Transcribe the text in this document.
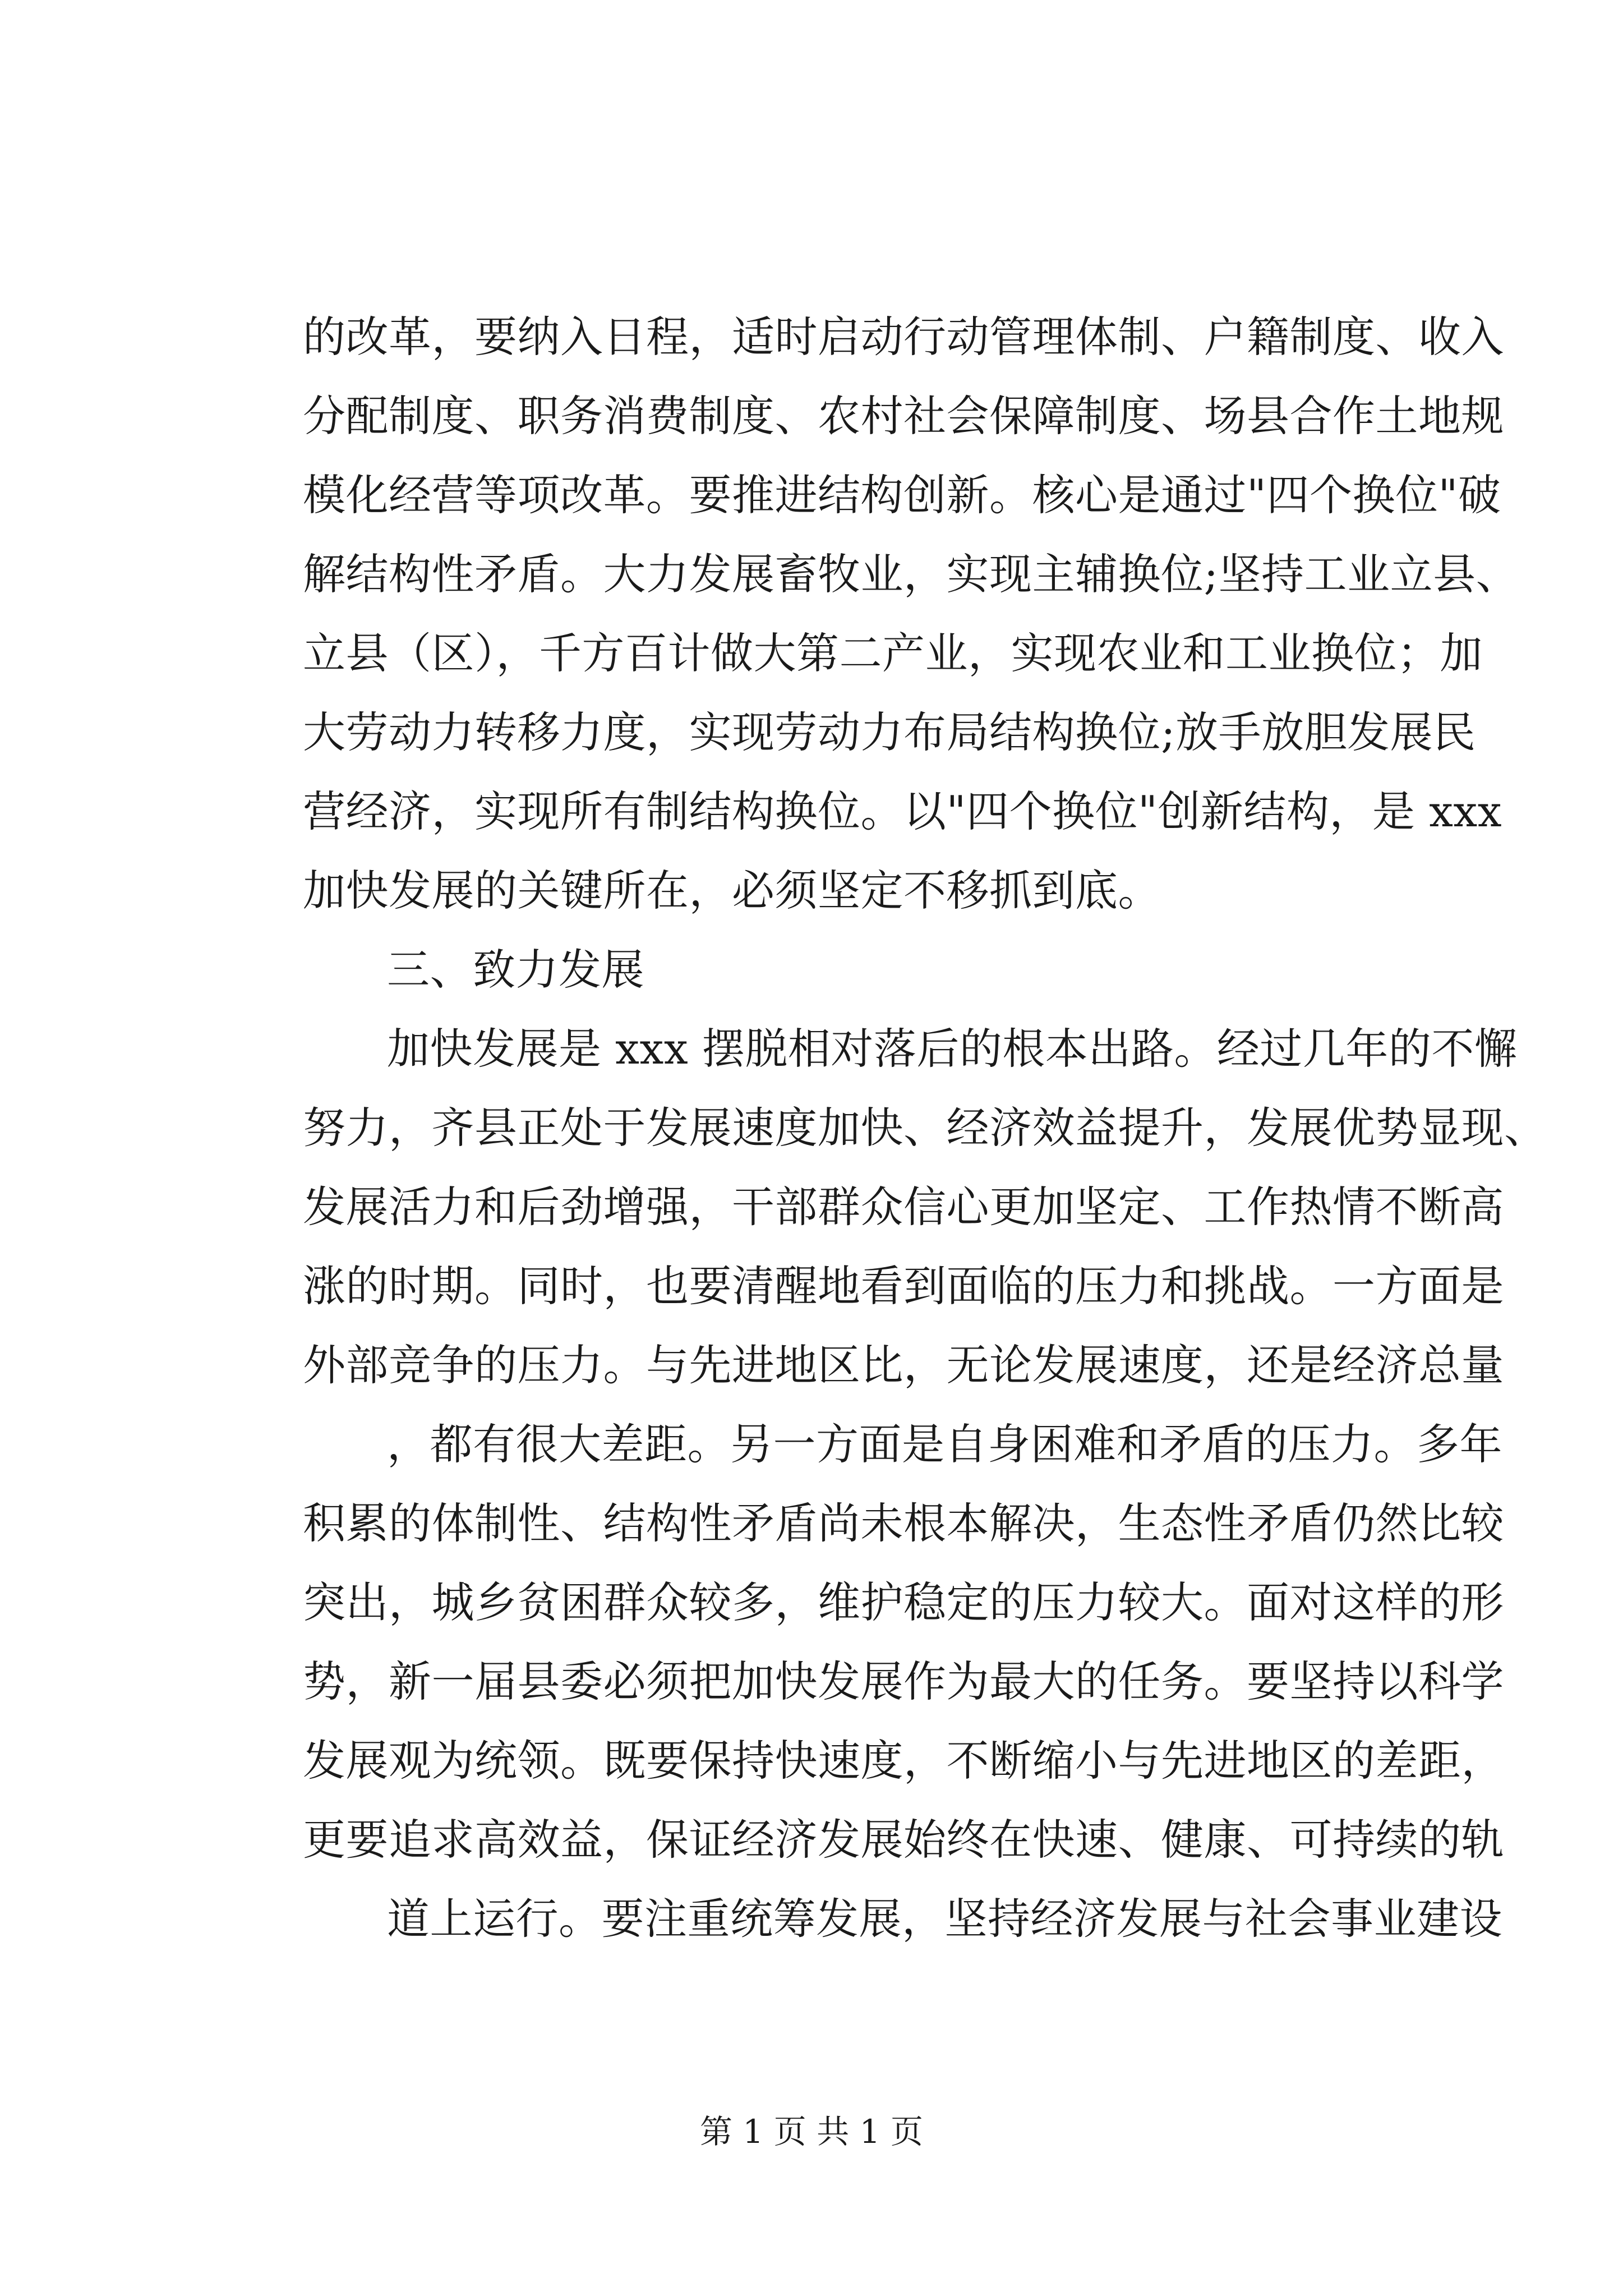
的改革，要纳入日程，适时启动行动管理体制、户籍制度、收入
分配制度、职务消费制度、农村社会保障制度、场县合作土地规
模化经营等项改革。要推进结构创新。核心是通过"四个换位"破
解结构性矛盾。大力发展畜牧业，实现主辅换位;坚持工业立县、
立县（区），千方百计做大第二产业，实现农业和工业换位；加
大劳动力转移力度，实现劳动力布局结构换位;放手放胆发展民
营经济，实现所有制结构换位。以"四个换位"创新结构，是 xxx
加快发展的关键所在，必须坚定不移抓到底。
三、致力发展
加快发展是 xxx 摆脱相对落后的根本出路。经过几年的不懈
努力，齐县正处于发展速度加快、经济效益提升，发展优势显现、
发展活力和后劲增强，干部群众信心更加坚定、工作热情不断高
涨的时期。同时，也要清醒地看到面临的压力和挑战。一方面是
外部竞争的压力。与先进地区比，无论发展速度，还是经济总量
，都有很大差距。另一方面是自身困难和矛盾的压力。多年
积累的体制性、结构性矛盾尚未根本解决，生态性矛盾仍然比较
突出，城乡贫困群众较多，维护稳定的压力较大。面对这样的形
势，新一届县委必须把加快发展作为最大的任务。要坚持以科学
发展观为统领。既要保持快速度，不断缩小与先进地区的差距，
更要追求高效益，保证经济发展始终在快速、健康、可持续的轨
道上运行。要注重统筹发展，坚持经济发展与社会事业建设
第 1 页 共 1 页
